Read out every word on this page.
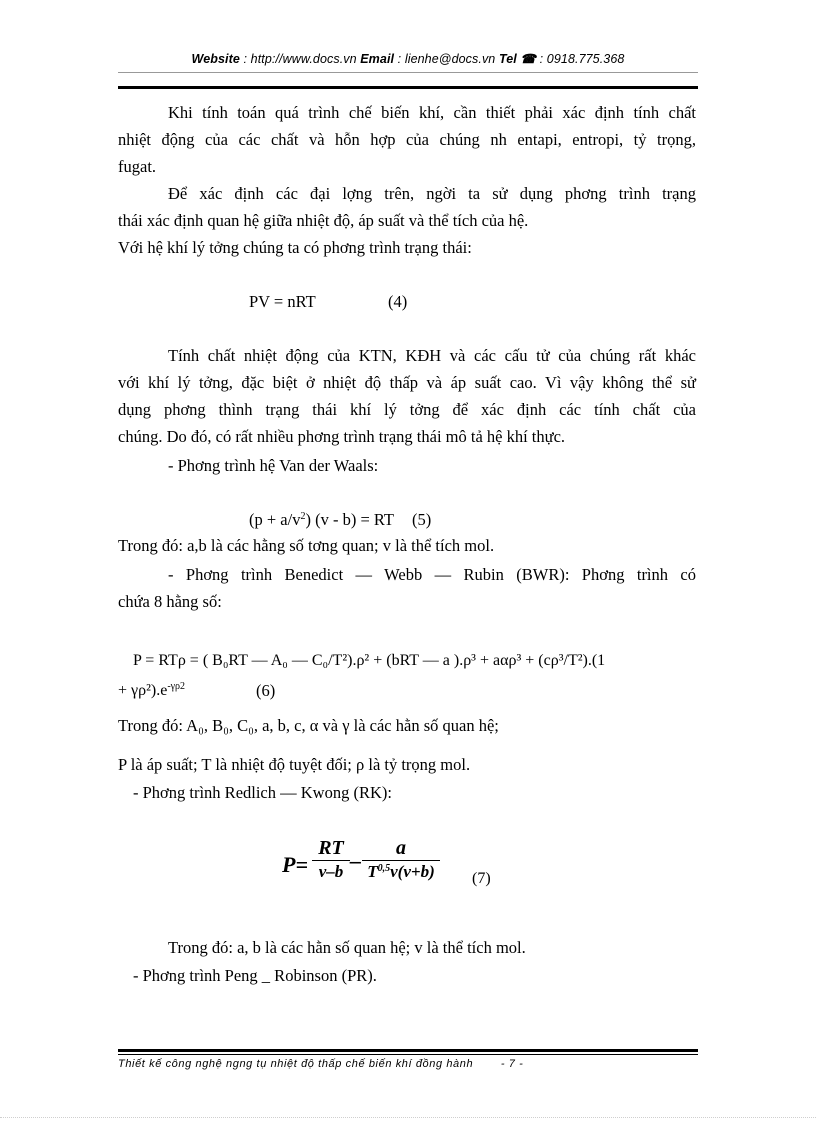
Website : http://www.docs.vn Email : lienhe@docs.vn Tel ☎ : 0918.775.368
Khi tính toán quá trình chế biến khí, cần thiết phải xác định tính chất
nhiệt động của các chất và hỗn hợp của chúng nh entapi, entropi, tỷ trọng,
fugat.
Để xác định các đại lợng trên, ngời ta sử dụng phơng trình trạng
thái xác định quan hệ giữa nhiệt độ, áp suất và thể tích của hệ.
Với hệ khí lý tởng chúng ta có phơng trình trạng thái:
PV = nRT	(4)
Tính chất nhiệt động của KTN, KĐH và các cấu tử của chúng rất khác
với khí lý tởng, đặc biệt ở nhiệt độ thấp và áp suất cao. Vì vậy không thể sử
dụng phơng thình trạng thái khí lý tởng để xác định các tính chất của
chúng. Do đó, có rất nhiều phơng trình trạng thái mô tả hệ khí thực.
- Phơng trình hệ Van der Waals:
$(p + a/v^2)$ (v - b) = RT (5)
Trong đó: a,b là các hằng số tơng quan; v là thể tích mol.
- Phơng trình Benedict — Webb — Rubin (BWR): Phơng trình có
chứa 8 hằng số:
P = RTρ = ( B₀RT — A₀ — C₀/T²).ρ² + (bRT — a ).ρ³ + aαρ³ + (cρ³/T²).(1
+ $\gamma\rho^2).e^{-\gamma\rho 2}$	(6)
Trong đó: A₀, B₀, C₀, a, b, c, α và γ là các hằn số quan hệ;
P là áp suất; T là nhiệt độ tuyệt đối; ρ là tỷ trọng mol.
- Phơng trình Redlich — Kwong (RK):
P=
RT
v–b –	a
T$^{0,5}$v(v+b)	(7)
Trong đó: a, b là các hằn số quan hệ; v là thể tích mol.
- Phơng trình Peng _ Robinson (PR).
Thiết kế công nghệ ngng tụ nhiệt độ thấp chế biến khí đồng hành	- 7 -
